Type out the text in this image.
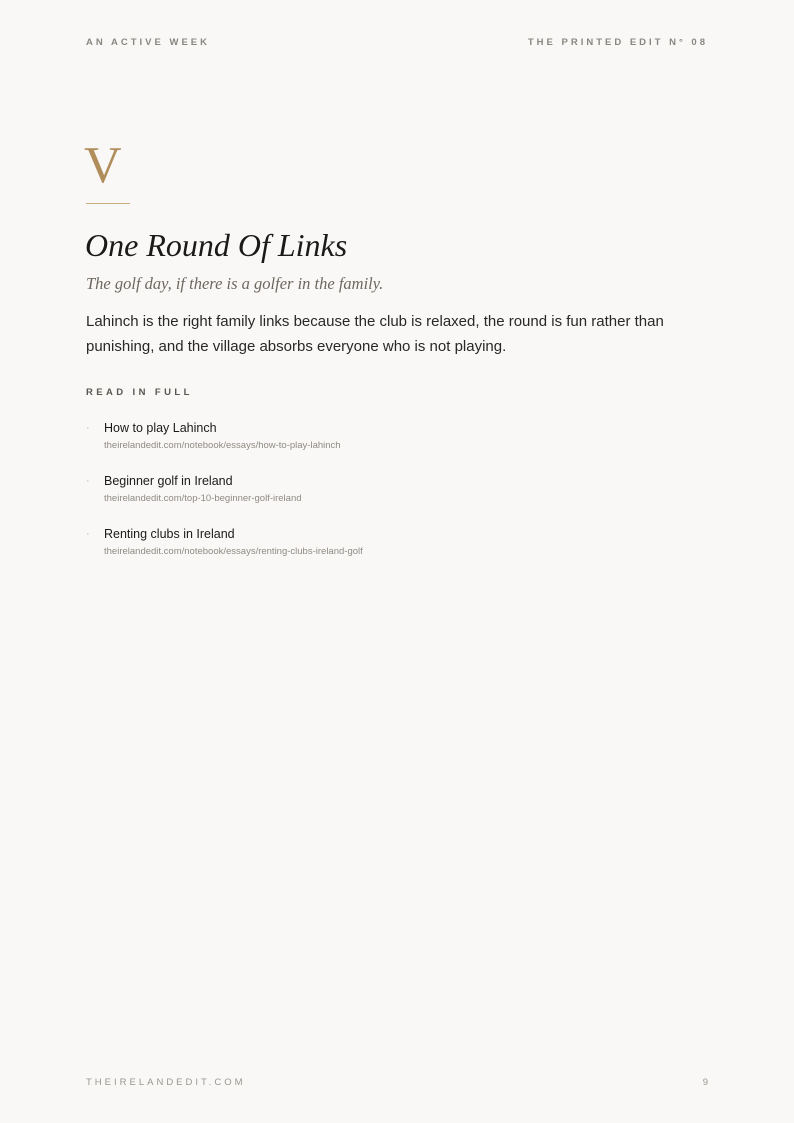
AN ACTIVE WEEK	THE PRINTED EDIT N° 08
V
One Round Of Links

The golf day, if there is a golfer in the family.

Lahinch is the right family links because the club is relaxed, the round is fun rather than punishing, and the village absorbs everyone who is not playing.

READ IN FULL
· How to play Lahinch
theirelandedit.com/notebook/essays/how-to-play-lahinch
· Beginner golf in Ireland
theirelandedit.com/top-10-beginner-golf-ireland
· Renting clubs in Ireland
theirelandedit.com/notebook/essays/renting-clubs-ireland-golf
THEIRELANDEDIT.COM	9
